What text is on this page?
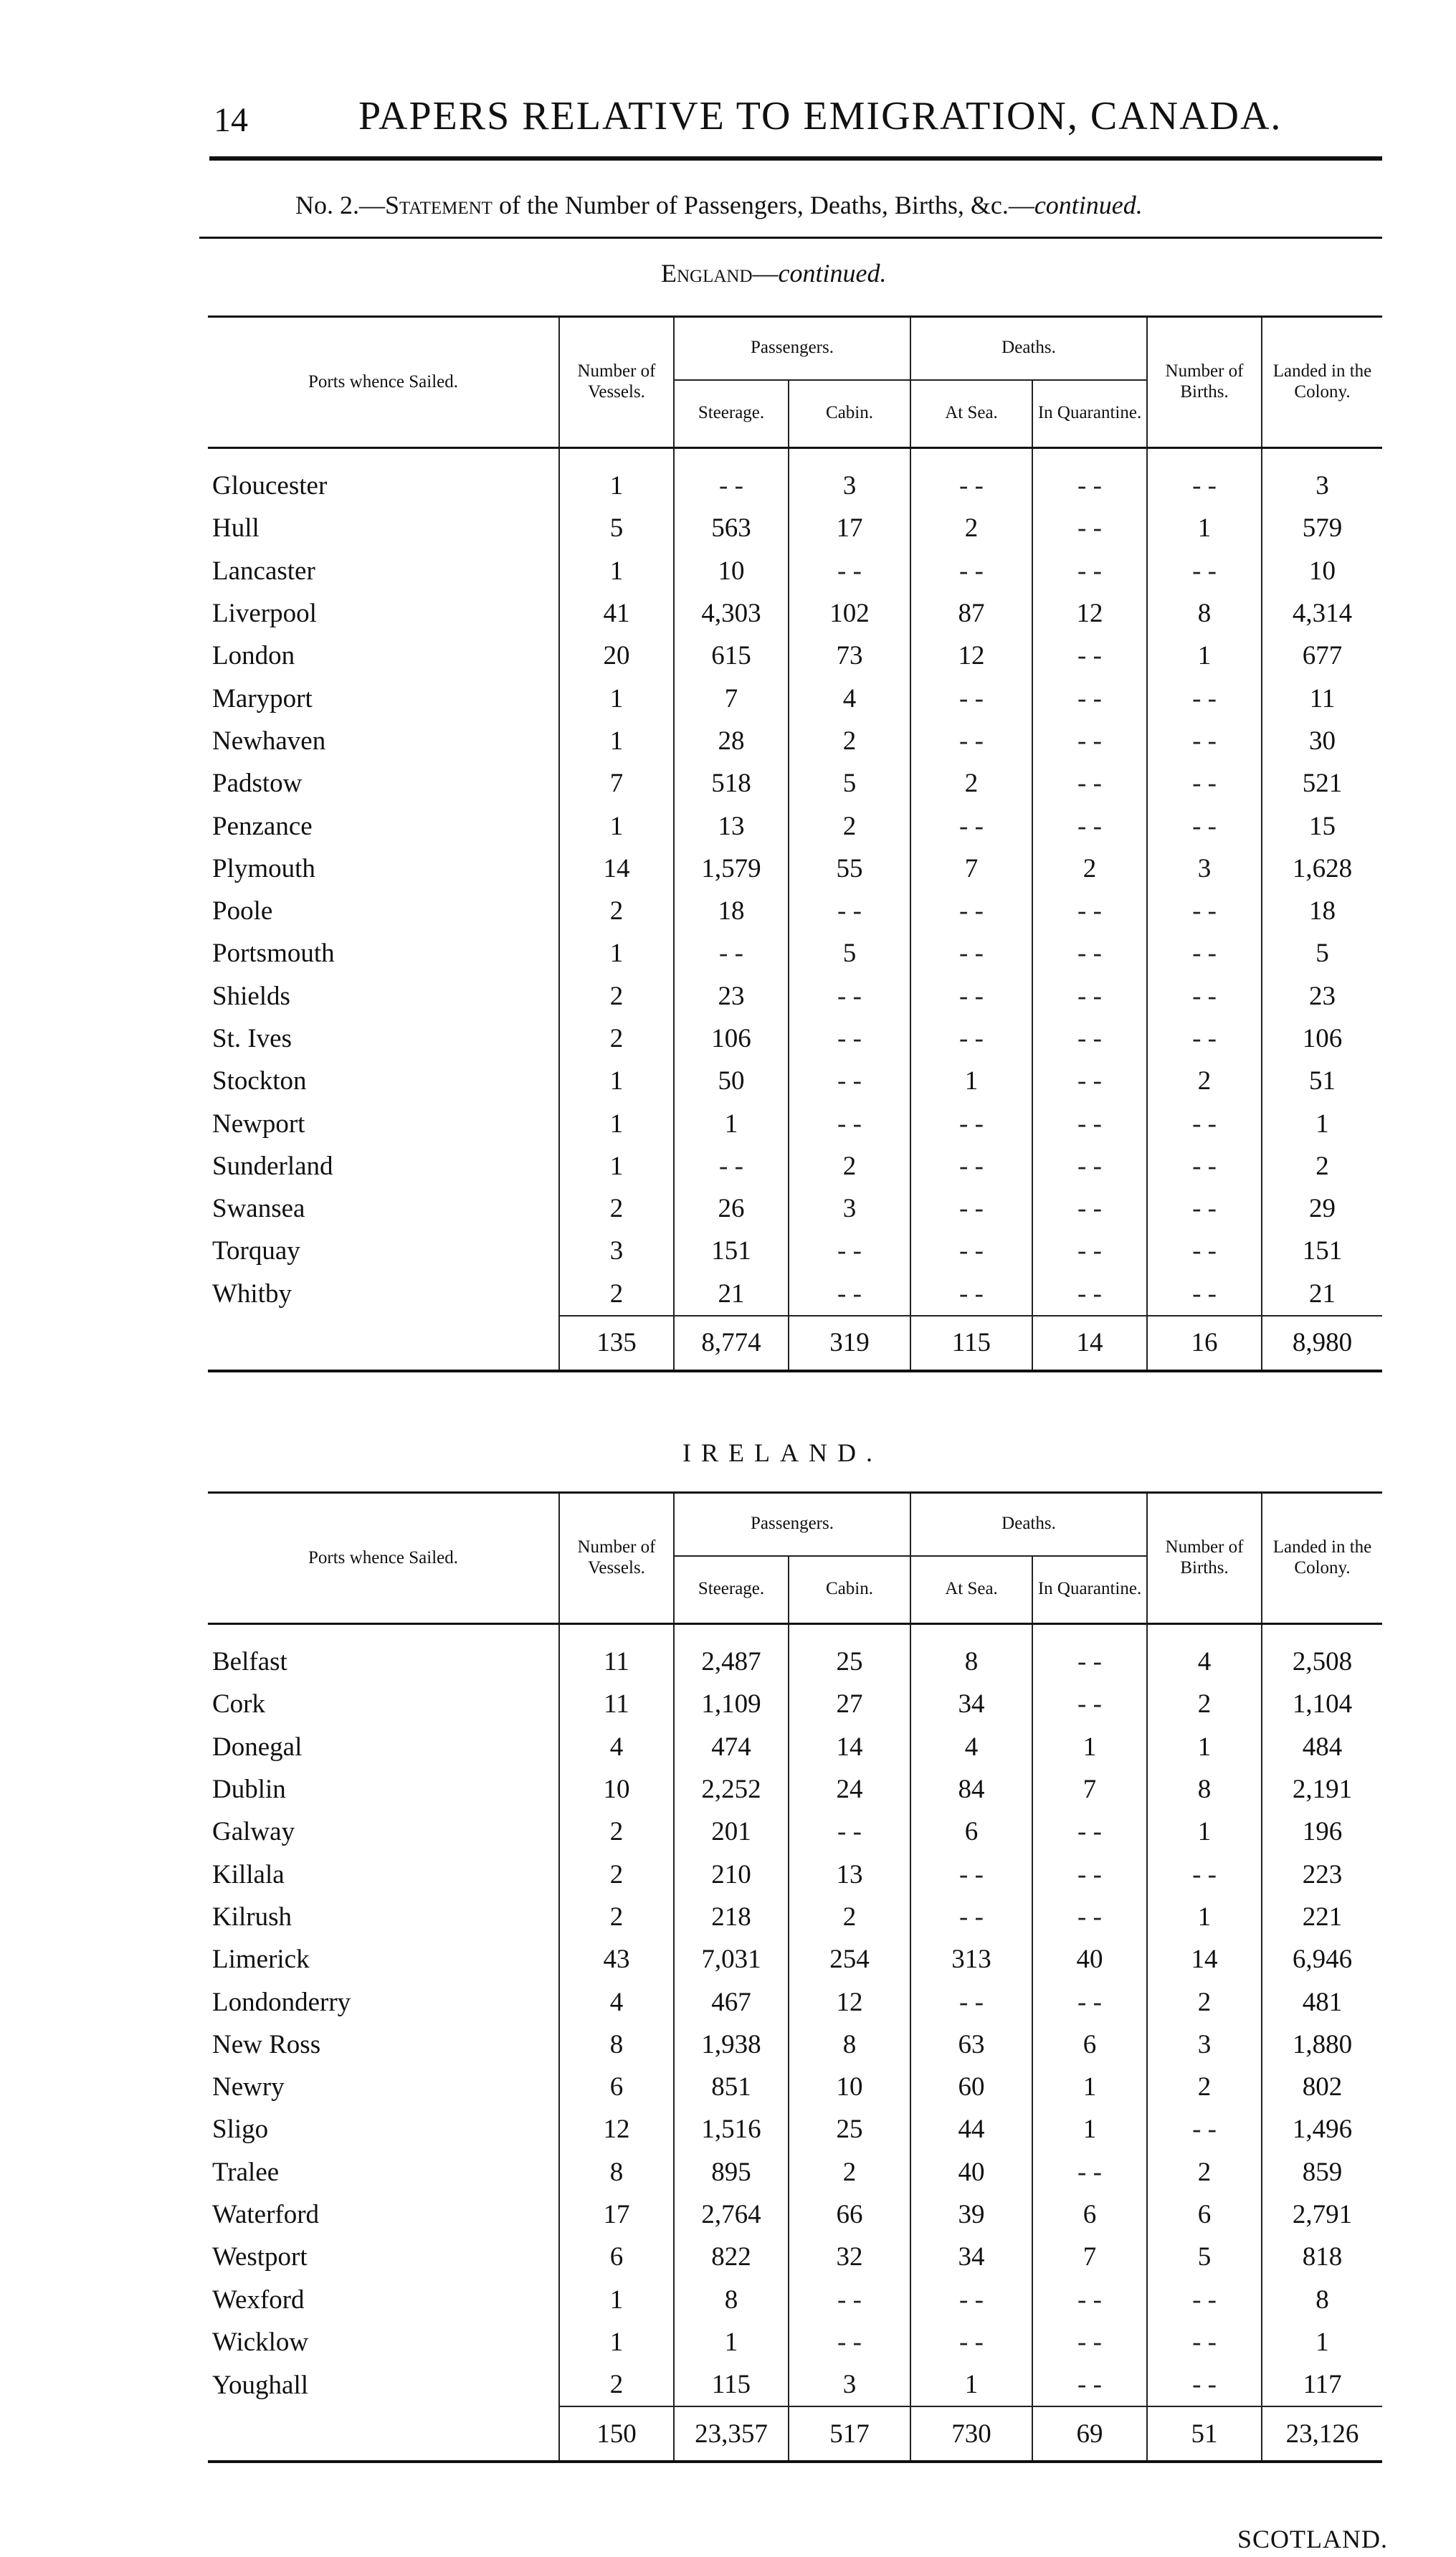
14	PAPERS RELATIVE TO EMIGRATION, CANADA.
No. 2.—Statement of the Number of Passengers, Deaths, Births, &c.—continued.
England—continued.
Ports whence Sailed.	Number of Vessels.	Passengers.		Deaths.		Number of Births.	Landed in the Colony.
		Steerage.	Cabin.	At Sea.	In Quarantine.		

Gloucester	1	- -	3	- -	- -	- -	3
Hull	5	563	17	2	- -	1	579
Lancaster	1	10	- -	- -	- -	- -	10
Liverpool	41	4,303	102	87	12	8	4,314
London	20	615	73	12	- -	1	677
Maryport	1	7	4	- -	- -	- -	11
Newhaven	1	28	2	- -	- -	- -	30
Padstow	7	518	5	2	- -	- -	521
Penzance	1	13	2	- -	- -	- -	15
Plymouth	14	1,579	55	7	2	3	1,628
Poole	2	18	- -	- -	- -	- -	18
Portsmouth	1	- -	5	- -	- -	- -	5
Shields	2	23	- -	- -	- -	- -	23
St. Ives	2	106	- -	- -	- -	- -	106
Stockton	1	50	- -	1	- -	2	51
Newport	1	1	- -	- -	- -	- -	1
Sunderland	1	- -	2	- -	- -	- -	2
Swansea	2	26	3	- -	- -	- -	29
Torquay	3	151	- -	- -	- -	- -	151
Whitby	2	21	- -	- -	- -	- -	21
	135	8,774	319	115	14	16	8,980
IRELAND.
Ports whence Sailed.	Number of Vessels.	Passengers.		Deaths.		Number of Births.	Landed in the Colony.
		Steerage.	Cabin.	At Sea.	In Quarantine.		

Belfast	11	2,487	25	8	- -	4	2,508
Cork	11	1,109	27	34	- -	2	1,104
Donegal	4	474	14	4	1	1	484
Dublin	10	2,252	24	84	7	8	2,191
Galway	2	201	- -	6	- -	1	196
Killala	2	210	13	- -	- -	- -	223
Kilrush	2	218	2	- -	- -	1	221
Limerick	43	7,031	254	313	40	14	6,946
Londonderry	4	467	12	- -	- -	2	481
New Ross	8	1,938	8	63	6	3	1,880
Newry	6	851	10	60	1	2	802
Sligo	12	1,516	25	44	1	- -	1,496
Tralee	8	895	2	40	- -	2	859
Waterford	17	2,764	66	39	6	6	2,791
Westport	6	822	32	34	7	5	818
Wexford	1	8	- -	- -	- -	- -	8
Wicklow	1	1	- -	- -	- -	- -	1
Youghall	2	115	3	1	- -	- -	117
	150	23,357	517	730	69	51	23,126
SCOTLAND.
